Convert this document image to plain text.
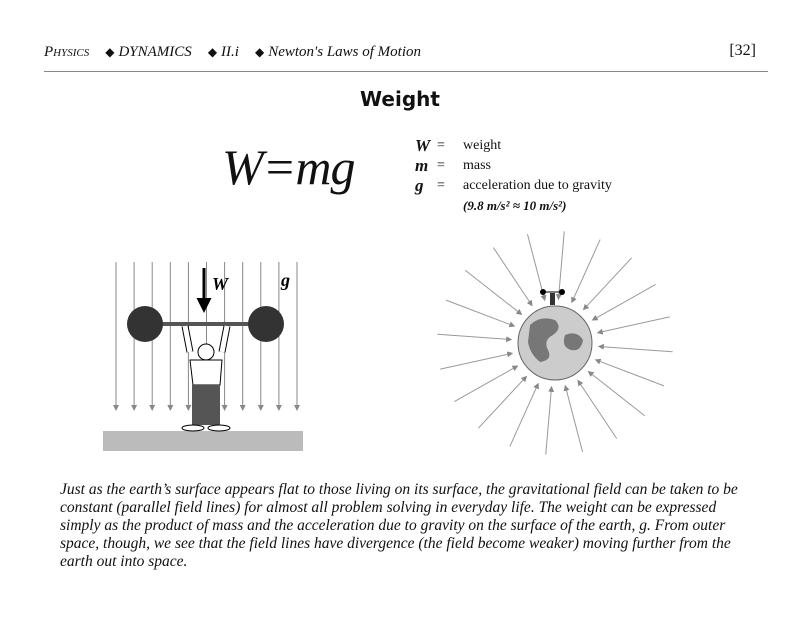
Physics ◆ DYNAMICS ◆ II.i ◆ Newton's Laws of Motion	[32]
Weight
W=mg	W =	weight
m =	mass
g =	acceleration due to gravity
(9.8 m/s² ≈ 10 m/s²)
W	g
Just as the earth’s surface appears flat to those living on its surface, the gravitational field can be taken to be constant (parallel field lines) for almost all problem solving in everyday life. The weight can be expressed simply as the product of mass and the acceleration due to gravity on the surface of the earth, g. From outer space, though, we see that the field lines have divergence (the field become weaker) moving further from the earth out into space.
